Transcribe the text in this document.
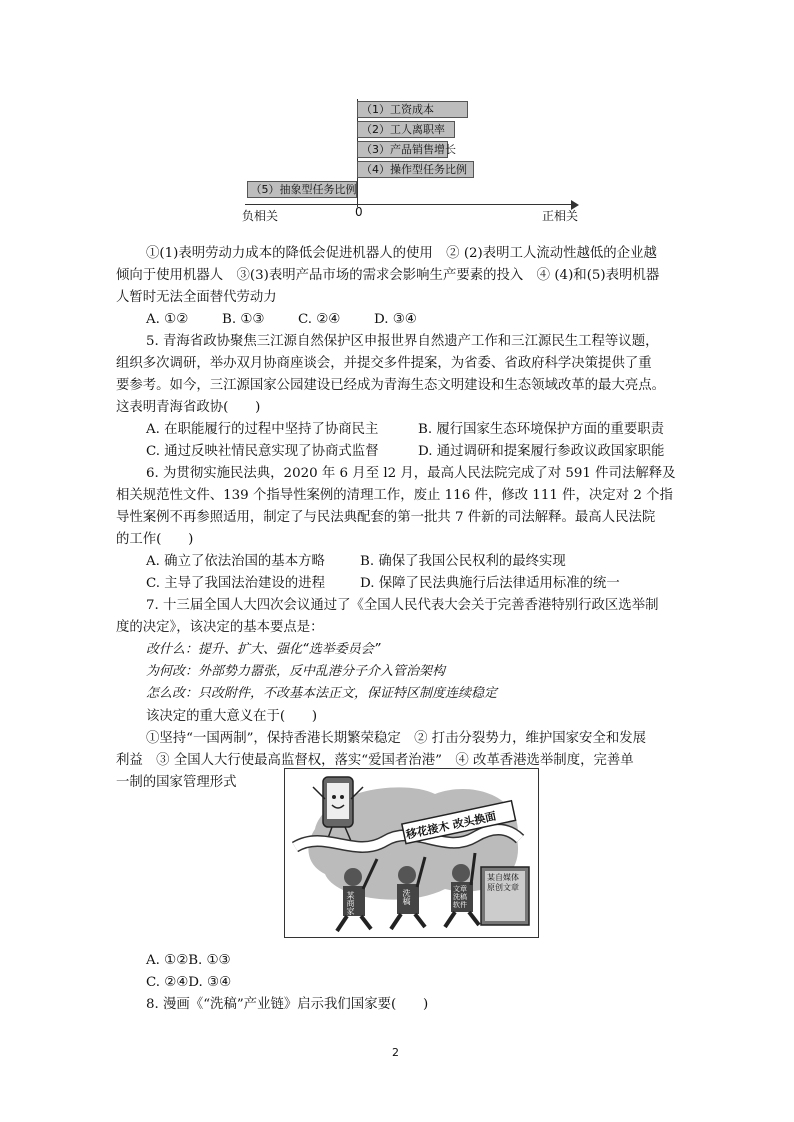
（1）工资成本
（2）工人离职率
（3）产品销售增长
（4）操作型任务比例
（5）抽象型任务比例
0
负相关	正相关
①(1)表明劳动力成本的降低会促进机器人的使用　② (2)表明工人流动性越低的企业越
倾向于使用机器人　③(3)表明产品市场的需求会影响生产要素的投入　④ (4)和(5)表明机器
人暂时无法全面替代劳动力
A. ①②	B. ①③	C. ②④	D. ③④
5. 青海省政协聚焦三江源自然保护区申报世界自然遗产工作和三江源民生工程等议题，
组织多次调研，举办双月协商座谈会，并提交多件提案，为省委、省政府科学决策提供了重
要参考。如今，三江源国家公园建设已经成为青海生态文明建设和生态领域改革的最大亮点。
这表明青海省政协(　　)
A. 在职能履行的过程中坚持了协商民主	B. 履行国家生态环境保护方面的重要职责
C. 通过反映社情民意实现了协商式监督	D. 通过调研和提案履行参政议政国家职能
6. 为贯彻实施民法典，2020 年 6 月至 l2 月，最高人民法院完成了对 591 件司法解释及
相关规范性文件、139 个指导性案例的清理工作，废止 116 件，修改 111 件，决定对 2 个指
导性案例不再参照适用，制定了与民法典配套的第一批共 7 件新的司法解释。最高人民法院
的工作(　　)
A. 确立了依法治国的基本方略	B. 确保了我国公民权利的最终实现
C. 主导了我国法治建设的进程	D. 保障了民法典施行后法律适用标准的统一
7. 十三届全国人大四次会议通过了《全国人民代表大会关于完善香港特别行政区选举制
度的决定》，该决定的基本要点是：
改什么：提升、扩大、强化“选举委员会”
为何改：外部势力嚣张，反中乱港分子介入管治架构
怎么改：只改附件，不改基本法正文，保证特区制度连续稳定
该决定的重大意义在于(　　)
①坚持“一国两制”，保持香港长期繁荣稳定　② 打击分裂势力，维护国家安全和发展
利益　③ 全国人大行使最高监督权，落实“爱国者治港”　④ 改革香港选举制度，完善单
一制的国家管理形式
移花接木 改头换面
某商家	洗稿	文章洗稿软件
某自媒体原创文章
A. ①②B. ①③
C. ②④D. ③④
8. 漫画《“洗稿”产业链》启示我们国家要(　　)
2
